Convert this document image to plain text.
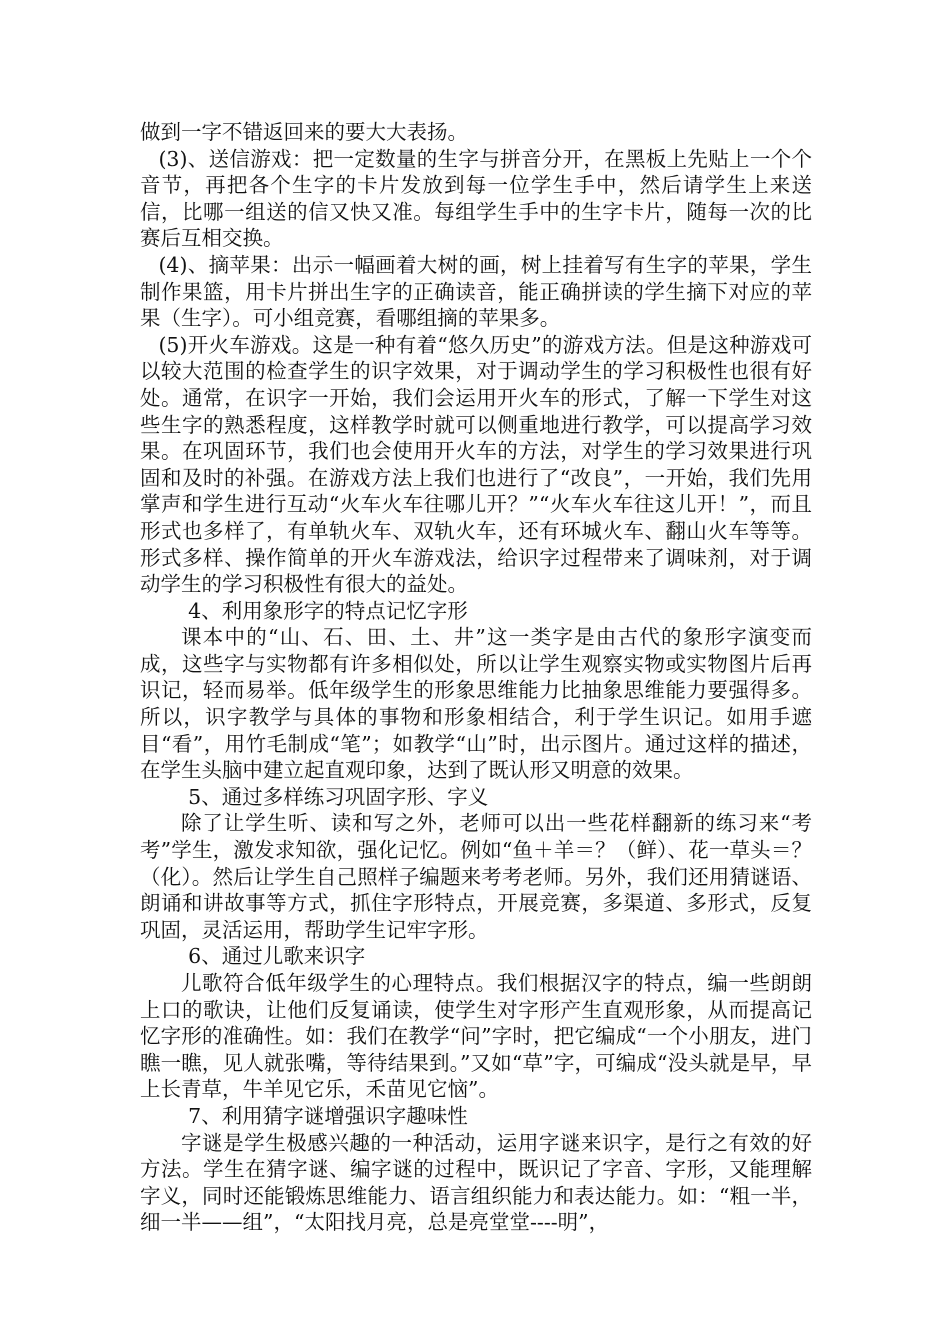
做到一字不错返回来的要大大表扬。

(3)、送信游戏：把一定数量的生字与拼音分开，在黑板上先贴上一个个音节，再把各个生字的卡片发放到每一位学生手中，然后请学生上来送信，比哪一组送的信又快又准。每组学生手中的生字卡片，随每一次的比赛后互相交换。

(4)、摘苹果：出示一幅画着大树的画，树上挂着写有生字的苹果，学生制作果篮，用卡片拼出生字的正确读音，能正确拼读的学生摘下对应的苹果（生字）。可小组竞赛，看哪组摘的苹果多。

(5)开火车游戏。这是一种有着“悠久历史”的游戏方法。但是这种游戏可以较大范围的检查学生的识字效果，对于调动学生的学习积极性也很有好处。通常，在识字一开始，我们会运用开火车的形式，了解一下学生对这些生字的熟悉程度，这样教学时就可以侧重地进行教学，可以提高学习效果。在巩固环节，我们也会使用开火车的方法，对学生的学习效果进行巩固和及时的补强。在游戏方法上我们也进行了“改良”，一开始，我们先用掌声和学生进行互动“火车火车往哪儿开？”“火车火车往这儿开！”，而且形式也多样了，有单轨火车、双轨火车，还有环城火车、翻山火车等等。形式多样、操作简单的开火车游戏法，给识字过程带来了调味剂，对于调动学生的学习积极性有很大的益处。

4、利用象形字的特点记忆字形

课本中的“山、石、田、土、井”这一类字是由古代的象形字演变而成，这些字与实物都有许多相似处，所以让学生观察实物或实物图片后再识记，轻而易举。低年级学生的形象思维能力比抽象思维能力要强得多。所以，识字教学与具体的事物和形象相结合，利于学生识记。如用手遮目“看”，用竹毛制成“笔”；如教学“山”时，出示图片。通过这样的描述，在学生头脑中建立起直观印象，达到了既认形又明意的效果。

5、通过多样练习巩固字形、字义

除了让学生听、读和写之外，老师可以出一些花样翻新的练习来“考考”学生，激发求知欲，强化记忆。例如“鱼＋羊＝？（鲜）、花一草头＝？（化）。然后让学生自己照样子编题来考考老师。另外，我们还用猜谜语、朗诵和讲故事等方式，抓住字形特点，开展竞赛，多渠道、多形式，反复巩固，灵活运用，帮助学生记牢字形。

6、通过儿歌来识字

儿歌符合低年级学生的心理特点。我们根据汉字的特点，编一些朗朗上口的歌诀，让他们反复诵读，使学生对字形产生直观形象，从而提高记忆字形的准确性。如：我们在教学“问”字时，把它编成“一个小朋友，进门瞧一瞧，见人就张嘴，等待结果到。”又如“草”字，可编成“没头就是早，早上长青草，牛羊见它乐，禾苗见它恼”。

7、利用猜字谜增强识字趣味性

字谜是学生极感兴趣的一种活动，运用字谜来识字，是行之有效的好方法。学生在猜字谜、编字谜的过程中，既识记了字音、字形，又能理解字义，同时还能锻炼思维能力、语言组织能力和表达能力。如：“粗一半，细一半——组”，“太阳找月亮，总是亮堂堂----明”，
